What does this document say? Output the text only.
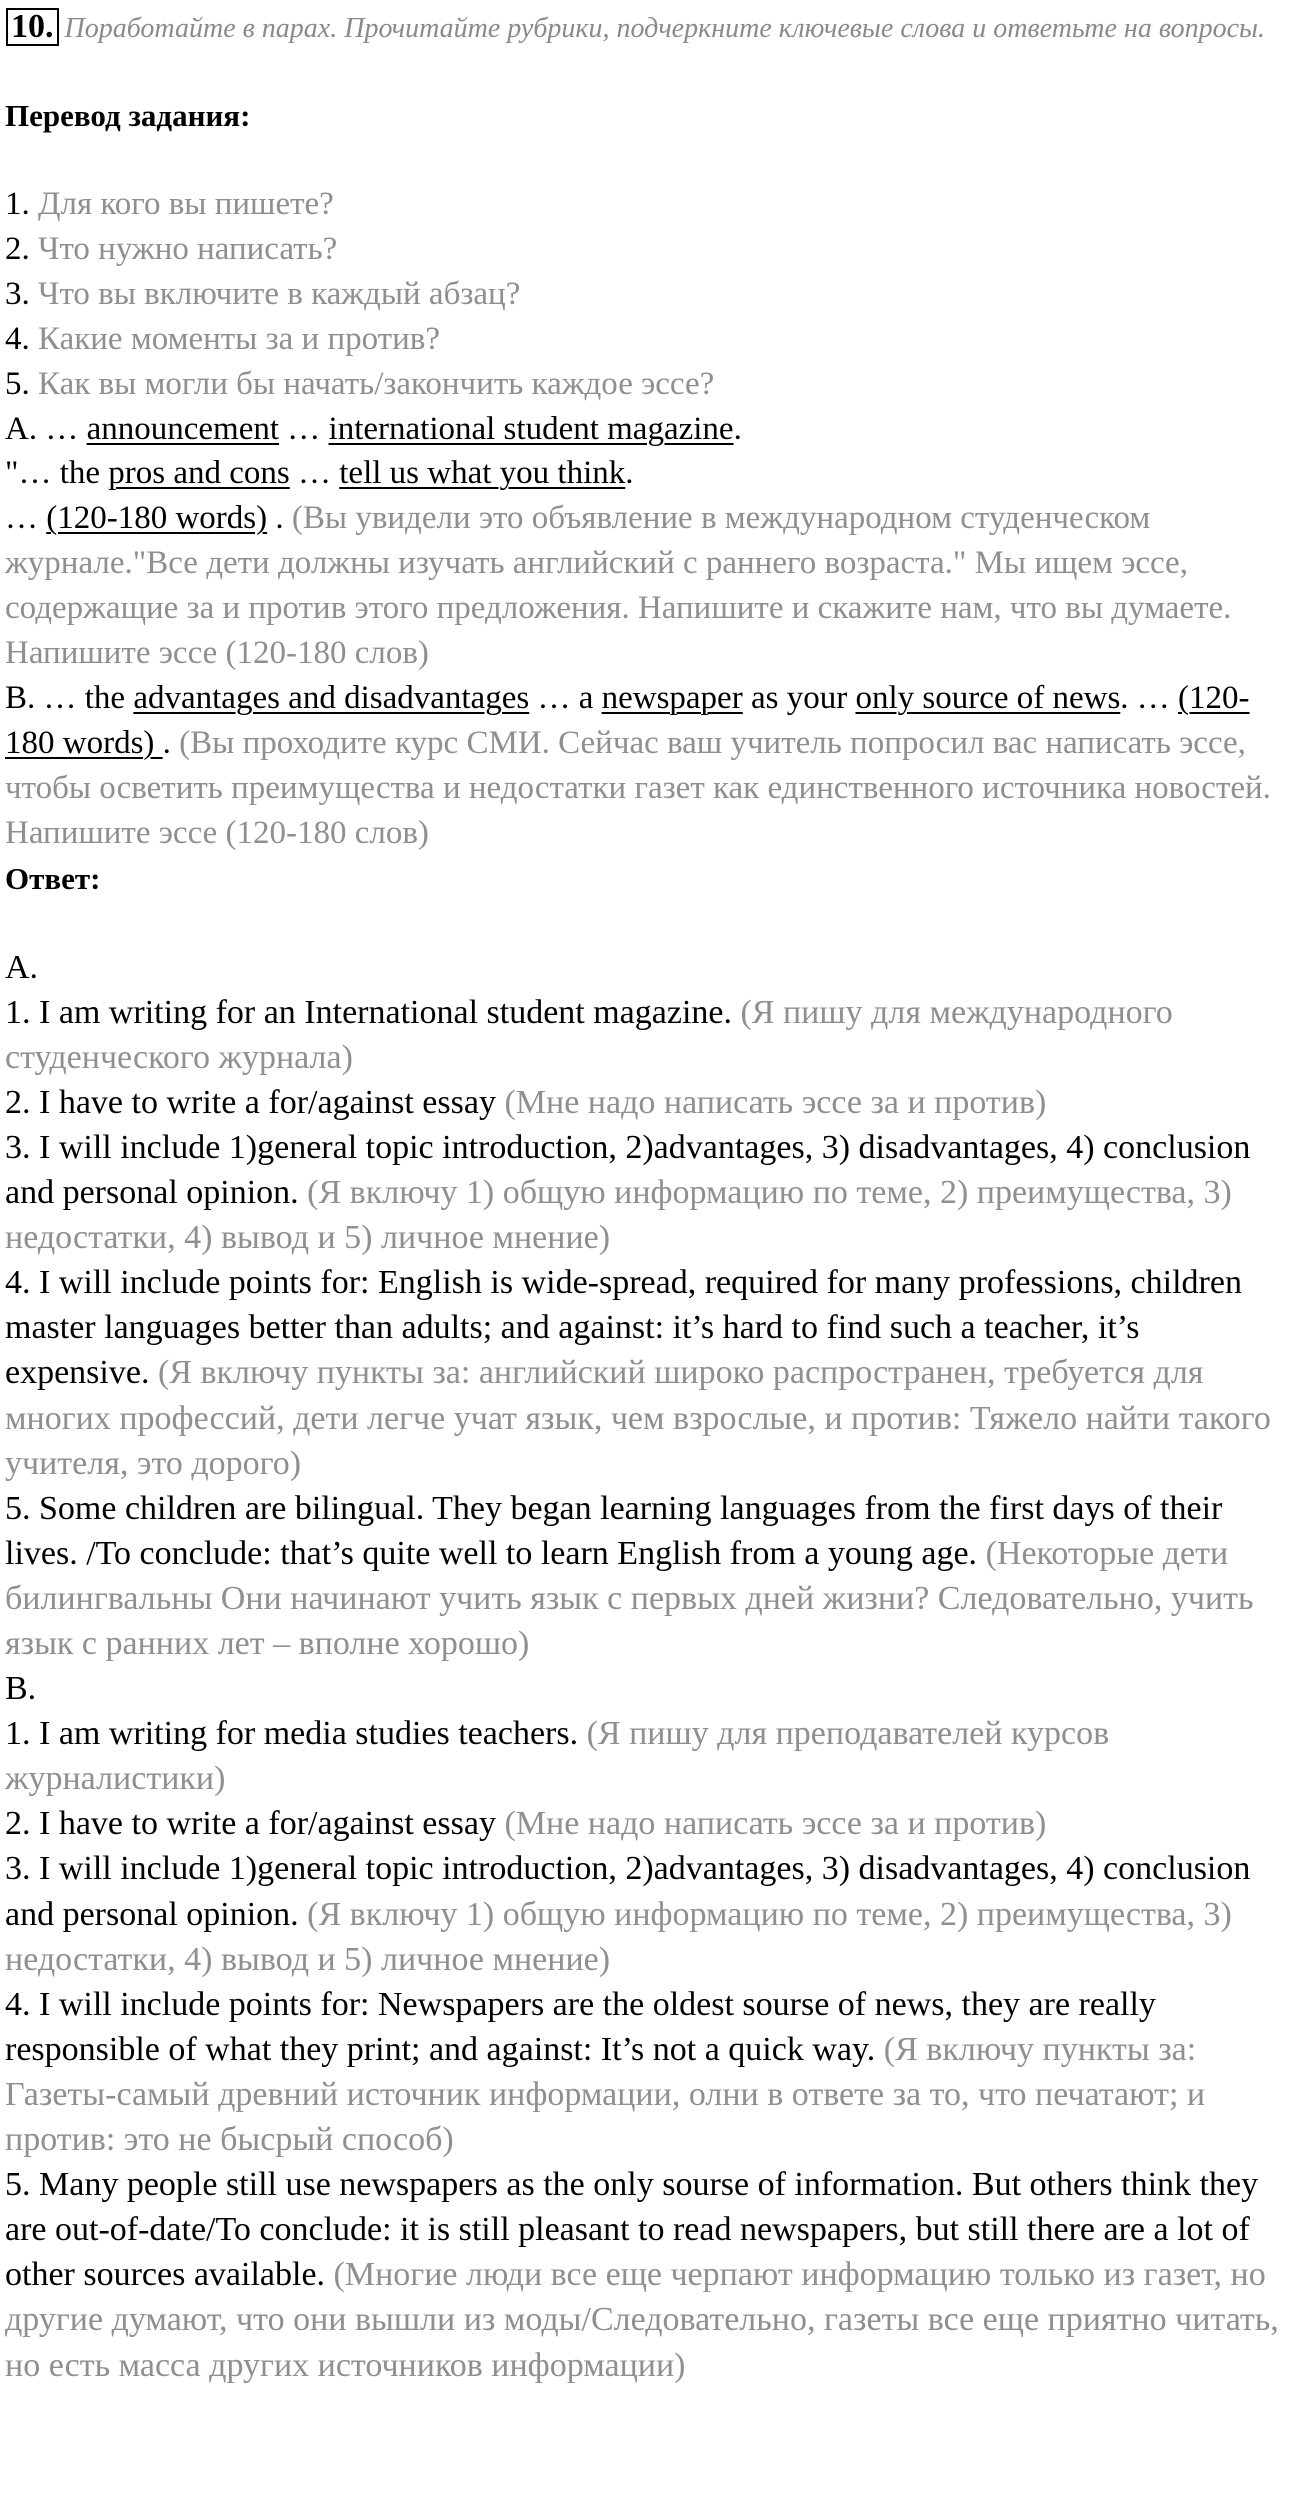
10. Поработайте в парах. Прочитайте рубрики, подчеркните ключевые слова и ответьте на вопросы.

Перевод задания:

1. Для кого вы пишете?

2. Что нужно написать?

3. Что вы включите в каждый абзац?

4. Какие моменты за и против?

5. Как вы могли бы начать/закончить каждое эссе?

A. … announcement … international student magazine.

"… the pros and cons … tell us what you think.

… (120-180 words) . (Вы увидели это объявление в международном студенческом журнале."Все дети должны изучать английский с раннего возраста." Мы ищем эссе, содержащие за и против этого предложения. Напишите и скажите нам, что вы думаете. Напишите эссе (120-180 слов)

B. … the advantages and disadvantages … a newspaper as your only source of news. … (120-180 words) . (Вы проходите курс СМИ. Сейчас ваш учитель попросил вас написать эссе, чтобы осветить преимущества и недостатки газет как единственного источника новостей.

Напишите эссе (120-180 слов)

Ответ:

A.

1. I am writing for an International student magazine. (Я пишу для международного студенческого журнала)

2. I have to write a for/against essay (Мне надо написать эссе за и против)

3. I will include 1)general topic introduction, 2)advantages, 3) disadvantages, 4) conclusion and personal opinion. (Я включу 1) общую информацию по теме, 2) преимущества, 3) недостатки, 4) вывод и 5) личное мнение)

4. I will include points for: English is wide-spread, required for many professions, children master languages better than adults; and against: it’s hard to find such a teacher, it’s expensive. (Я включу пункты за: английский широко распространен, требуется для многих профессий, дети легче учат язык, чем взрослые, и против: Тяжело найти такого учителя, это дорого)

5. Some children are bilingual. They began learning languages from the first days of their lives. /To conclude: that’s quite well to learn English from a young age. (Некоторые дети билингвальны Они начинают учить язык с первых дней жизни? Следовательно, учить язык с ранних лет – вполне хорошо)

B.

1. I am writing for media studies teachers. (Я пишу для преподавателей курсов журналистики)

2. I have to write a for/against essay (Мне надо написать эссе за и против)

3. I will include 1)general topic introduction, 2)advantages, 3) disadvantages, 4) conclusion and personal opinion. (Я включу 1) общую информацию по теме, 2) преимущества, 3) недостатки, 4) вывод и 5) личное мнение)

4. I will include points for: Newspapers are the oldest sourse of news, they are really responsible of what they print; and against: It’s not a quick way. (Я включу пункты за: Газеты-самый древний источник информации, олни в ответе за то, что печатают; и против: это не бысрый способ)

5. Many people still use newspapers as the only sourse of information. But others think they are out-of-date/To conclude: it is still pleasant to read newspapers, but still there are a lot of other sources available. (Многие люди все еще черпают информацию только из газет, но другие думают, что они вышли из моды/Следовательно, газеты все еще приятно читать, но есть масса других источников информации)
